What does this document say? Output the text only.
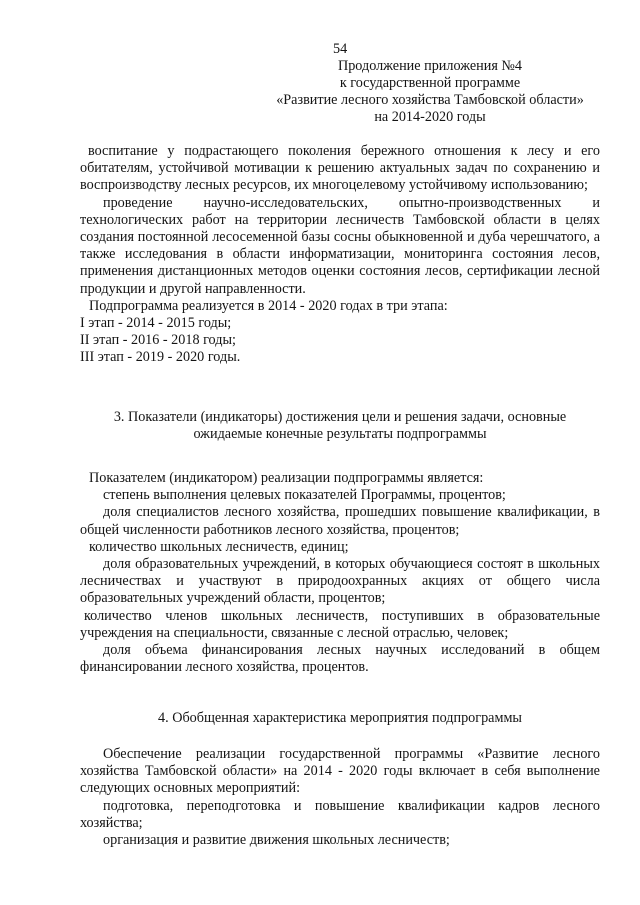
54
Продолжение приложения №4
к государственной программе
«Развитие лесного хозяйства Тамбовской области»
на 2014-2020 годы

воспитание у подрастающего поколения бережного отношения к лесу и его обитателям, устойчивой мотивации к решению актуальных задач по сохранению и воспроизводству лесных ресурсов, их многоцелевому устойчивому использованию;

проведение научно-исследовательских, опытно-производственных и технологических работ на территории лесничеств Тамбовской области в целях создания постоянной лесосеменной базы сосны обыкновенной и дуба черешчатого, а также исследования в области информатизации, мониторинга состояния лесов, применения дистанционных методов оценки состояния лесов, сертификации лесной продукции и другой направленности.

Подпрограмма реализуется в 2014 - 2020 годах в три этапа:

I этап - 2014 - 2015 годы;

II этап - 2016 - 2018 годы;

III этап - 2019 - 2020 годы.

3. Показатели (индикаторы) достижения цели и решения задачи, основные
ожидаемые конечные результаты подпрограммы

Показателем (индикатором) реализации подпрограммы является:

степень выполнения целевых показателей Программы, процентов;

доля специалистов лесного хозяйства, прошедших повышение квалификации, в общей численности работников лесного хозяйства, процентов;

количество школьных лесничеств, единиц;

доля образовательных учреждений, в которых обучающиеся состоят в школьных лесничествах и участвуют в природоохранных акциях от общего числа образовательных учреждений области, процентов;

количество членов школьных лесничеств, поступивших в образовательные учреждения на специальности, связанные с лесной отраслью, человек;

доля объема финансирования лесных научных исследований в общем финансировании лесного хозяйства, процентов.

4. Обобщенная характеристика мероприятия подпрограммы

Обеспечение реализации государственной программы «Развитие лесного хозяйства Тамбовской области» на 2014 - 2020 годы включает в себя выполнение следующих основных мероприятий:

подготовка, переподготовка и повышение квалификации кадров лесного хозяйства;

организация и развитие движения школьных лесничеств;
